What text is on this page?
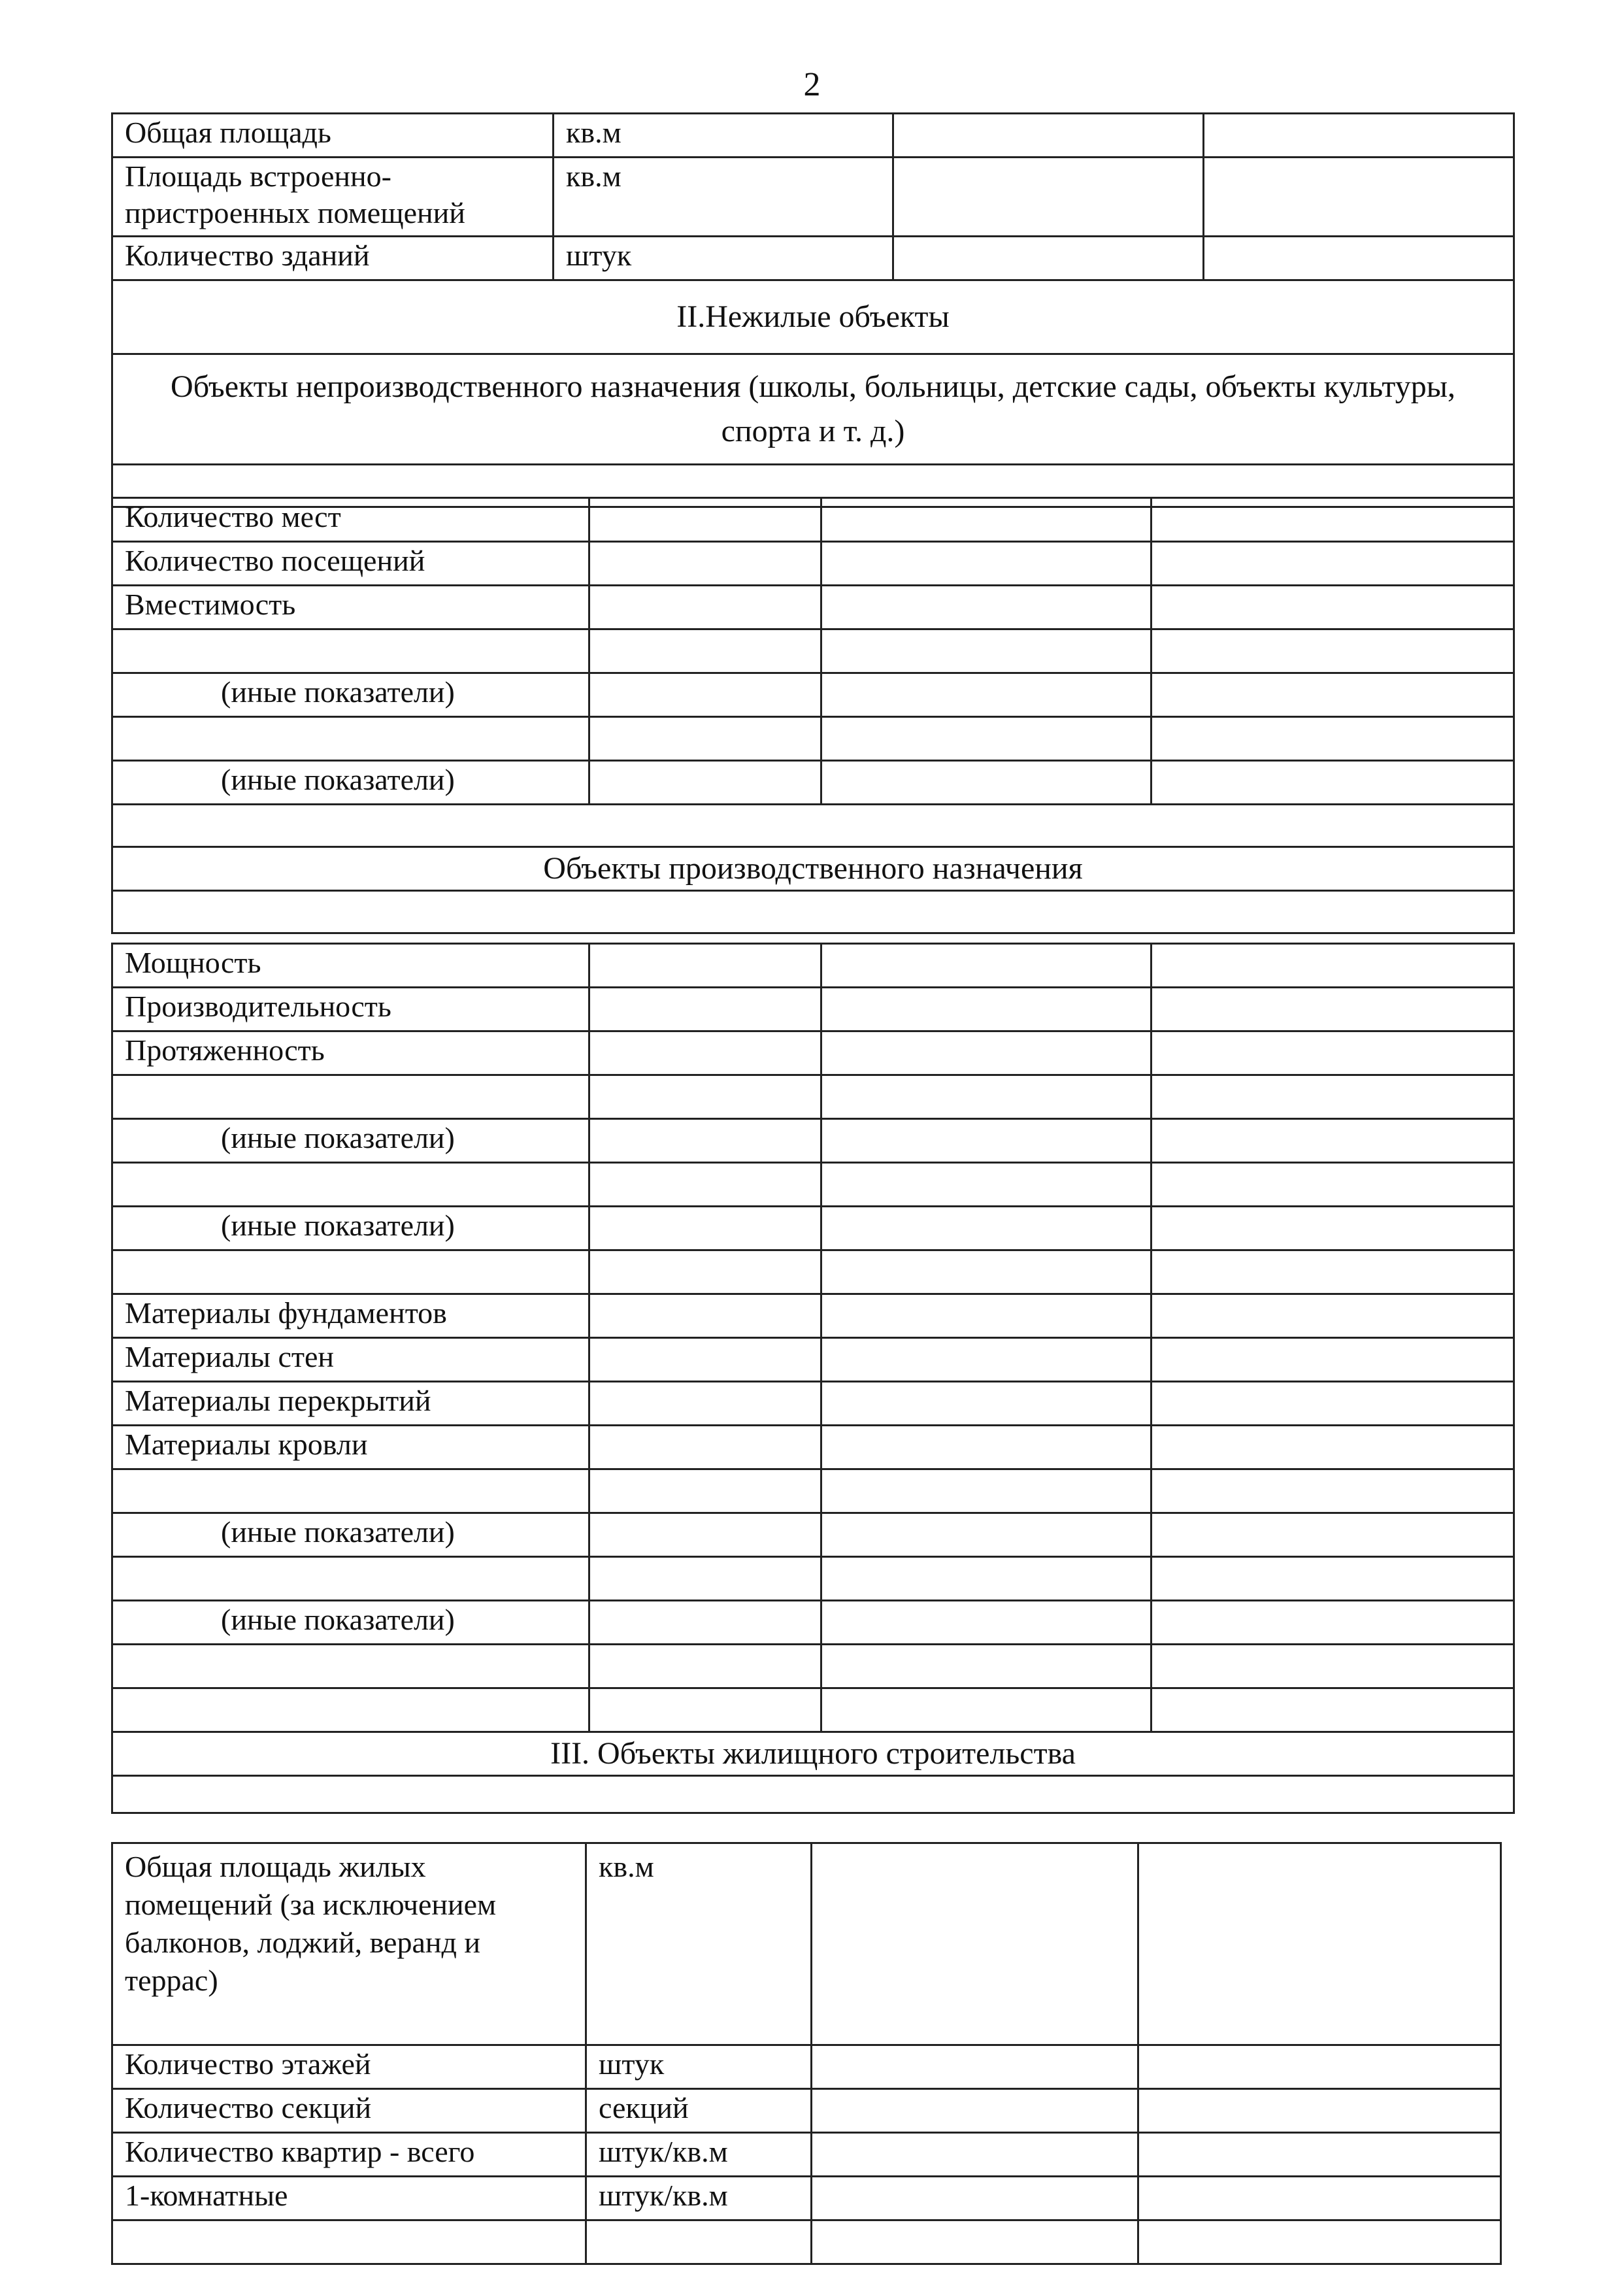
2
Общая площадь	кв.м		
Площадь встроенно-пристроенных помещений	кв.м		
Количество зданий	штук		
II.Нежилые объекты			
Объекты непроизводственного назначения (школы, больницы, детские сады, объекты культуры, спорта и т. д.)			

Количество мест			
Количество посещений			
Вместимость			

(иные показатели)			

(иные показатели)			

Объекты производственного назначения			

Мощность			
Производительность			
Протяженность			

(иные показатели)			

(иные показатели)			

Материалы фундаментов			
Материалы стен			
Материалы перекрытий			
Материалы кровли			

(иные показатели)			

(иные показатели)			

III. Объекты жилищного строительства			

Общая площадь жилых помещений (за исключением балконов, лоджий, веранд и террас)	кв.м		
Количество этажей	штук		
Количество секций	секций		
Количество квартир - всего	штук/кв.м		
1-комнатные	штук/кв.м		
